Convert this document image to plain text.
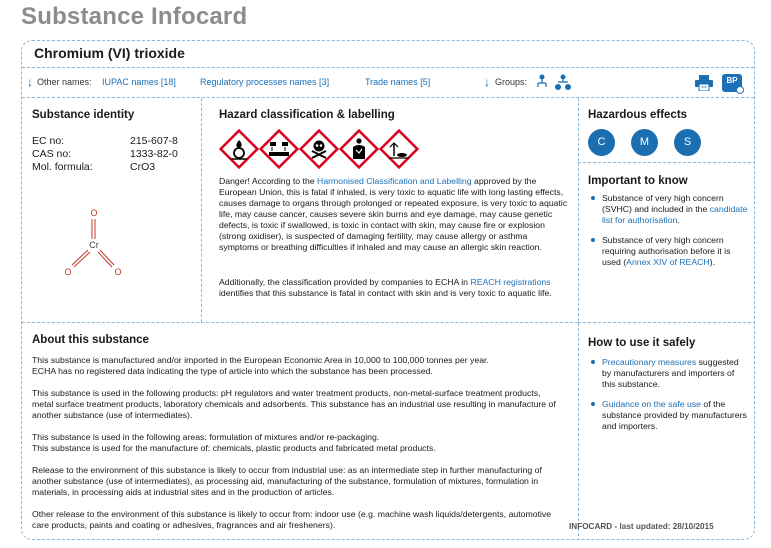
Substance Infocard
Chromium (VI) trioxide
↓ Other names: IUPAC names [18]	Regulatory processes names [3]	Trade names [5]	↓ Groups:	BP
Substance identity
EC no:	215-607-8
CAS no:	1333-82-0
Mol. formula:	CrO3
O
Cr
O	O
Hazard classification & labelling
Danger! According to the Harmonised Classification and Labelling approved by the European Union, this is fatal if inhaled, is very toxic to aquatic life with long lasting effects, causes damage to organs through prolonged or repeated exposure, is very toxic to aquatic life, may cause cancer, causes severe skin burns and eye damage, may cause genetic defects, is toxic if swallowed, is toxic in contact with skin, may cause fire or explosion (strong oxidiser), is suspected of damaging fertility, may cause allergy or asthma symptoms or breathing difficulties if inhaled and may cause an allergic skin reaction.
Additionally, the classification provided by companies to ECHA in REACH registrations identifies that this substance is fatal in contact with skin and is very toxic to aquatic life.
Hazardous effects
C	M	S
Important to know
Substance of very high concern (SVHC) and included in the candidate list for authorisation.
Substance of very high concern requiring authorisation before it is used (Annex XIV of REACH).
About this substance

This substance is manufactured and/or imported in the European Economic Area in 10,000 to 100,000 tonnes per year.
ECHA has no registered data indicating the type of article into which the substance has been processed.

This substance is used in the following products: pH regulators and water treatment products, non-metal-surface treatment products, metal surface treatment products, laboratory chemicals and adsorbents. This substance has an industrial use resulting in manufacture of another substance (use of intermediates).

This substance is used in the following areas: formulation of mixtures and/or re-packaging.
This substance is used for the manufacture of: chemicals, plastic products and fabricated metal products.

Release to the environment of this substance is likely to occur from industrial use: as an intermediate step in further manufacturing of another substance (use of intermediates), as processing aid, manufacturing of the substance, formulation of mixtures, formulation in materials, in processing aids at industrial sites and in the production of articles.

Other release to the environment of this substance is likely to occur from: indoor use (e.g. machine wash liquids/detergents, automotive care products, paints and coating or adhesives, fragrances and air fresheners).

How to use it safely
Precautionary measures suggested by manufacturers and importers of this substance.
Guidance on the safe use of the substance provided by manufacturers and importers.
INFOCARD - last updated: 28/10/2015
